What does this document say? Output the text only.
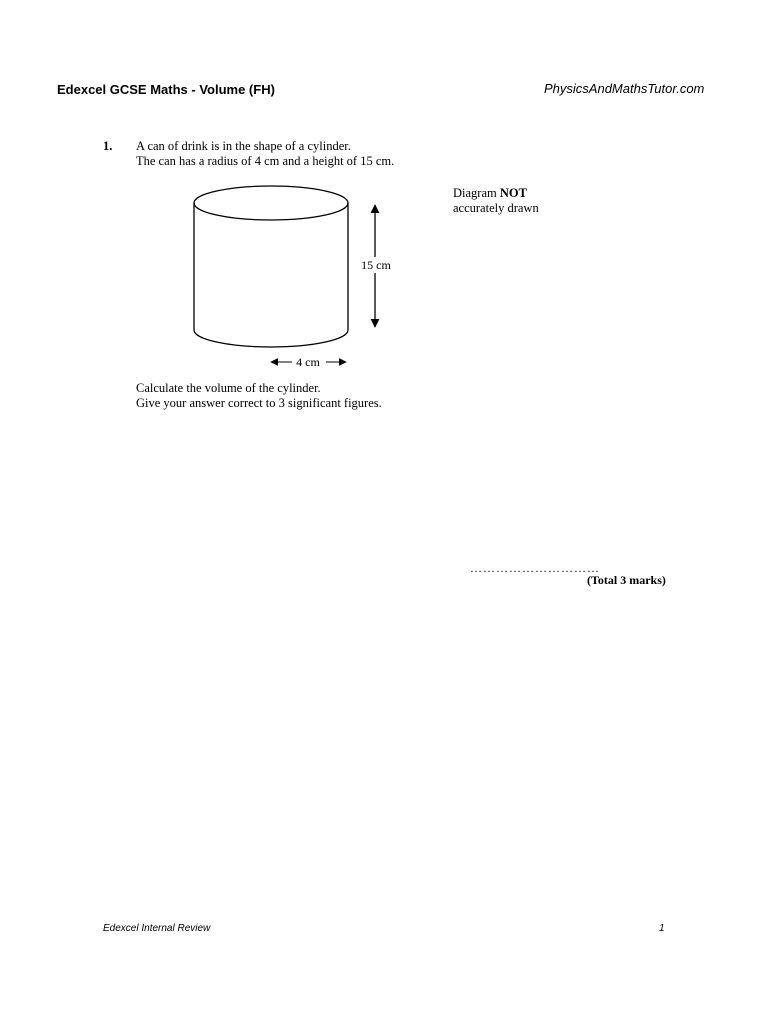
Edexcel GCSE Maths - Volume (FH)	PhysicsAndMathsTutor.com
1. A can of drink is in the shape of a cylinder.
The can has a radius of 4 cm and a height of 15 cm.
Diagram NOT
accurately drawn
15 cm
4 cm
Calculate the volume of the cylinder.
Give your answer correct to 3 significant figures.
…………………………
(Total 3 marks)
Edexcel Internal Review	1
